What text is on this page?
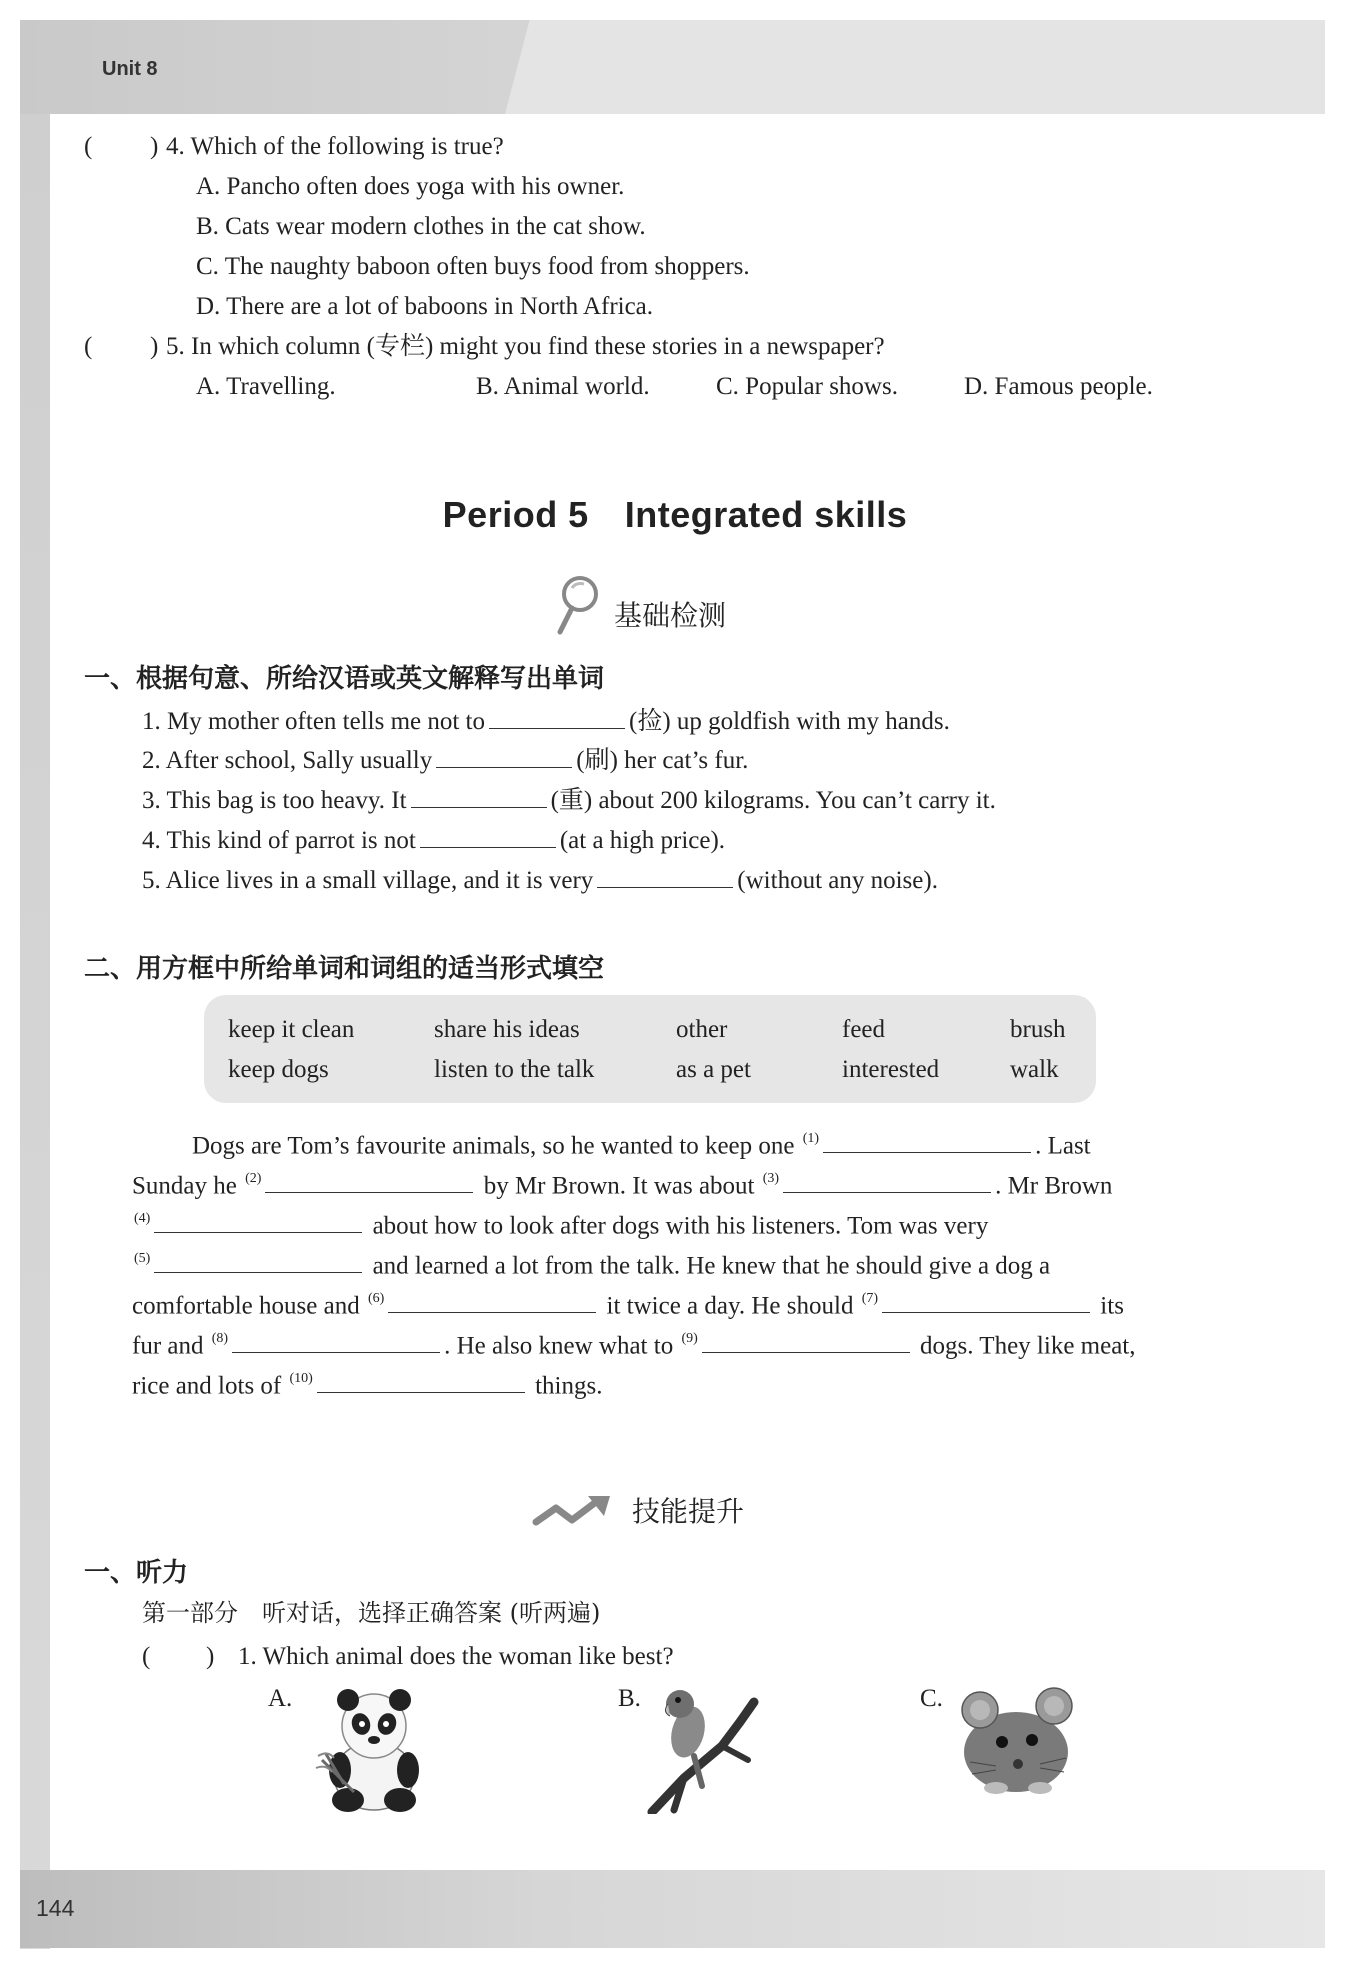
Unit 8
144
( ) 4. Which of the following is true?
A. Pancho often does yoga with his owner.
B. Cats wear modern clothes in the cat show.
C. The naughty baboon often buys food from shoppers.
D. There are a lot of baboons in North Africa.
( ) 5. In which column (专栏) might you find these stories in a newspaper?
A. Travelling.	B. Animal world.	C. Popular shows.	D. Famous people.
Period 5 Integrated skills
基础检测
一、根据句意、所给汉语或英文解释写出单词
1. My mother often tells me not to	(捡) up goldfish with my hands.
2. After school, Sally usually	(刷) her cat’s fur.
3. This bag is too heavy. It	(重) about 200 kilograms. You can’t carry it.
4. This kind of parrot is not	(at a high price).
5. Alice lives in a small village, and it is very	(without any noise).
二、用方框中所给单词和词组的适当形式填空
keep it clean	share his ideas	other	feed	brush
keep dogs	listen to the talk	as a pet	interested	walk
Dogs are Tom’s favourite animals, so he wanted to keep one $^{(1)}$	. Last
Sunday he $^{(2)}$	by Mr Brown. It was about $^{(3)}$	. Mr Brown
$^{(4)}$	about how to look after dogs with his listeners. Tom was very
$^{(5)}$	and learned a lot from the talk. He knew that he should give a dog a
comfortable house and $^{(6)}$	it twice a day. He should $^{(7)}$	its
fur and $^{(8)}$	. He also knew what to $^{(9)}$	dogs. They like meat,
rice and lots of $^{(10)}$	things.
技能提升
一、听力
第一部分　听对话，选择正确答案 (听两遍)
( ) 1. Which animal does the woman like best?
A.	B.	C.
